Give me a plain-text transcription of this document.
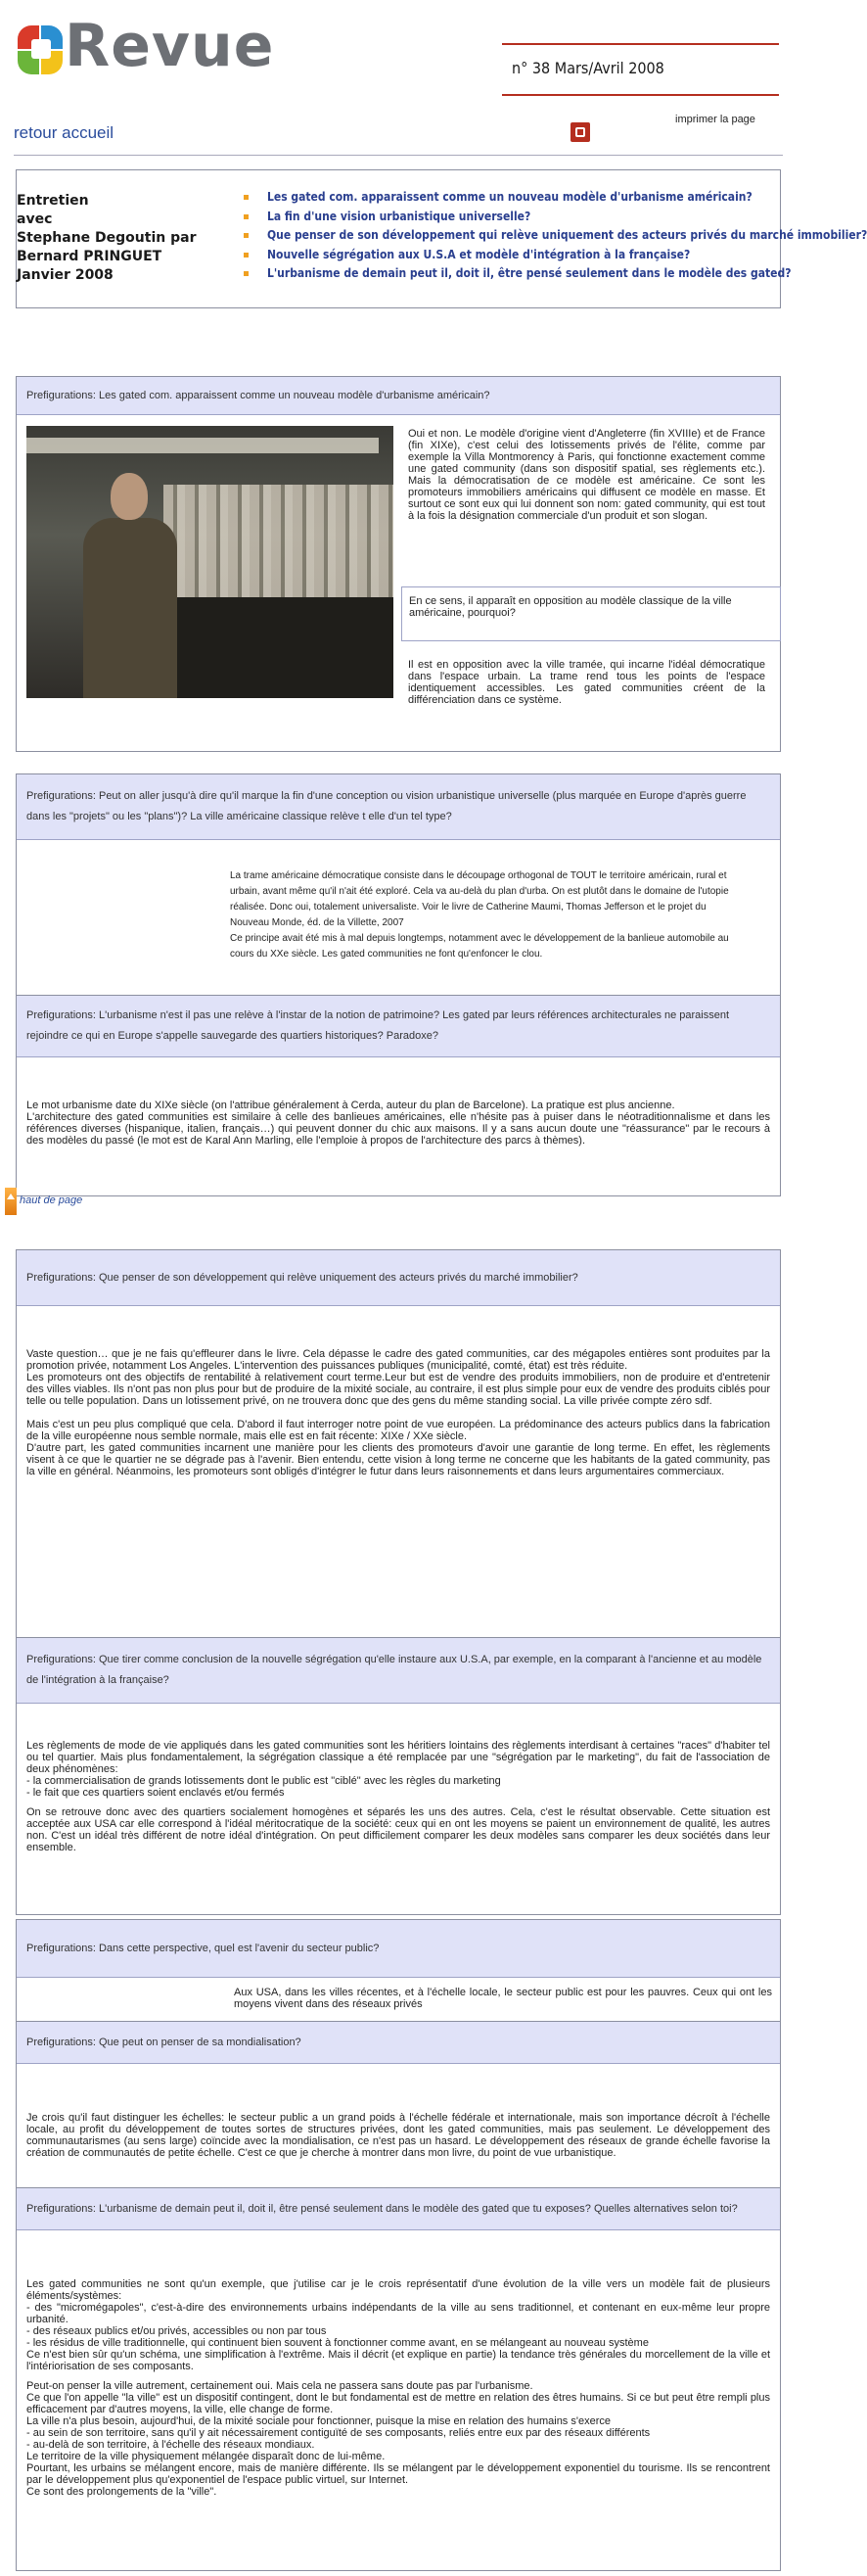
Revue	n° 38 Mars/Avril 2008
retour accueil
imprimer la page
Entretien
avec
Stephane Degoutin par
Bernard PRINGUET
Janvier 2008
Les gated com. apparaissent comme un nouveau modèle d'urbanisme américain?
La fin d'une vision urbanistique universelle?
Que penser de son développement qui relève uniquement des acteurs privés du marché immobilier?
Nouvelle ségrégation aux U.S.A et modèle d'intégration à la française?
L'urbanisme de demain peut il, doit il, être pensé seulement dans le modèle des gated?
Prefigurations: Les gated com. apparaissent comme un nouveau modèle d'urbanisme américain?
Oui et non. Le modèle d'origine vient d'Angleterre (fin XVIIIe) et de France (fin XIXe), c'est celui des lotissements privés de l'élite, comme par exemple la Villa Montmorency à Paris, qui fonctionne exactement comme une gated community (dans son dispositif spatial, ses règlements etc.). Mais la démocratisation de ce modèle est américaine. Ce sont les promoteurs immobiliers américains qui diffusent ce modèle en masse. Et surtout ce sont eux qui lui donnent son nom: gated community, qui est tout à la fois la désignation commerciale d'un produit et son slogan.
En ce sens, il apparaît en opposition au modèle classique de la ville américaine, pourquoi?
Il est en opposition avec la ville tramée, qui incarne l'idéal démocratique dans l'espace urbain. La trame rend tous les points de l'espace identiquement accessibles. Les gated communities créent de la différenciation dans ce système.
Prefigurations: Peut on aller jusqu'à dire qu'il marque la fin d'une conception ou vision urbanistique universelle (plus marquée en Europe d'après guerre dans les "projets" ou les "plans")? La ville américaine classique relève t elle d'un tel type?
La trame américaine démocratique consiste dans le découpage orthogonal de TOUT le territoire américain, rural et
urbain, avant même qu'il n'ait été exploré. Cela va au-delà du plan d'urba. On est plutôt dans le domaine de l'utopie
réalisée. Donc oui, totalement universaliste. Voir le livre de Catherine Maumi, Thomas Jefferson et le projet du
Nouveau Monde, éd. de la Villette, 2007
Ce principe avait été mis à mal depuis longtemps, notamment avec le développement de la banlieue automobile au
cours du XXe siècle. Les gated communities ne font qu'enfoncer le clou.
Prefigurations: L'urbanisme n'est il pas une relève à l'instar de la notion de patrimoine? Les gated par leurs références architecturales ne paraissent rejoindre ce qui en Europe s'appelle sauvegarde des quartiers historiques? Paradoxe?
Le mot urbanisme date du XIXe siècle (on l'attribue généralement à Cerda, auteur du plan de Barcelone). La pratique est plus ancienne.
L'architecture des gated communities est similaire à celle des banlieues américaines, elle n'hésite pas à puiser dans le néotraditionnalisme et dans les références diverses (hispanique, italien, français…) qui peuvent donner du chic aux maisons. Il y a sans aucun doute une "réassurance" par le recours à des modèles du passé (le mot est de Karal Ann Marling, elle l'emploie à propos de l'architecture des parcs à thèmes).
haut de page
Prefigurations: Que penser de son développement qui relève uniquement des acteurs privés du marché immobilier?
Vaste question… que je ne fais qu'effleurer dans le livre. Cela dépasse le cadre des gated communities, car des mégapoles entières sont produites par la promotion privée, notamment Los Angeles. L'intervention des puissances publiques (municipalité, comté, état) est très réduite.
Les promoteurs ont des objectifs de rentabilité à relativement court terme.Leur but est de vendre des produits immobiliers, non de produire et d'entretenir des villes viables. Ils n'ont pas non plus pour but de produire de la mixité sociale, au contraire, il est plus simple pour eux de vendre des produits ciblés pour telle ou telle population. Dans un lotissement privé, on ne trouvera donc que des gens du même standing social. La ville privée compte zéro sdf.
Mais c'est un peu plus compliqué que cela. D'abord il faut interroger notre point de vue européen. La prédominance des acteurs publics dans la fabrication de la ville européenne nous semble normale, mais elle est en fait récente: XIXe / XXe siècle.
D'autre part, les gated communities incarnent une manière pour les clients des promoteurs d'avoir une garantie de long terme. En effet, les règlements visent à ce que le quartier ne se dégrade pas à l'avenir. Bien entendu, cette vision à long terme ne concerne que les habitants de la gated community, pas la ville en général. Néanmoins, les promoteurs sont obligés d'intégrer le futur dans leurs raisonnements et dans leurs argumentaires commerciaux.
Prefigurations: Que tirer comme conclusion de la nouvelle ségrégation qu'elle instaure aux U.S.A, par exemple, en la comparant à l'ancienne et au modèle de l'intégration à la française?
Les règlements de mode de vie appliqués dans les gated communities sont les héritiers lointains des règlements interdisant à certaines "races" d'habiter tel ou tel quartier. Mais plus fondamentalement, la ségrégation classique a été remplacée par une "ségrégation par le marketing", du fait de l'association de deux phénomènes:
- la commercialisation de grands lotissements dont le public est "ciblé" avec les règles du marketing
- le fait que ces quartiers soient enclavés et/ou fermés
On se retrouve donc avec des quartiers socialement homogènes et séparés les uns des autres. Cela, c'est le résultat observable. Cette situation est acceptée aux USA car elle correspond à l'idéal méritocratique de la société: ceux qui en ont les moyens se paient un environnement de qualité, les autres non. C'est un idéal très différent de notre idéal d'intégration. On peut difficilement comparer les deux modèles sans comparer les deux sociétés dans leur ensemble.
Prefigurations: Dans cette perspective, quel est l'avenir du secteur public?
Aux USA, dans les villes récentes, et à l'échelle locale, le secteur public est pour les pauvres. Ceux qui ont les moyens vivent dans des réseaux privés
Prefigurations: Que peut on penser de sa mondialisation?
Je crois qu'il faut distinguer les échelles: le secteur public a un grand poids à l'échelle fédérale et internationale, mais son importance décroît à l'échelle locale, au profit du développement de toutes sortes de structures privées, dont les gated communities, mais pas seulement. Le développement des communautarismes (au sens large) coïncide avec la mondialisation, ce n'est pas un hasard. Le développement des réseaux de grande échelle favorise la création de communautés de petite échelle. C'est ce que je cherche à montrer dans mon livre, du point de vue urbanistique.
Prefigurations: L'urbanisme de demain peut il, doit il, être pensé seulement dans le modèle des gated que tu exposes? Quelles alternatives selon toi?
Les gated communities ne sont qu'un exemple, que j'utilise car je le crois représentatif d'une évolution de la ville vers un modèle fait de plusieurs éléments/systèmes:
- des "micromégapoles", c'est-à-dire des environnements urbains indépendants de la ville au sens traditionnel, et contenant en eux-même leur propre urbanité.
- des réseaux publics et/ou privés, accessibles ou non par tous
- les résidus de ville traditionnelle, qui continuent bien souvent à fonctionner comme avant, en se mélangeant au nouveau système
Ce n'est bien sûr qu'un schéma, une simplification à l'extrême. Mais il décrit (et explique en partie) la tendance très générales du morcellement de la ville et l'intériorisation de ses composants.
Peut-on penser la ville autrement, certainement oui. Mais cela ne passera sans doute pas par l'urbanisme.
Ce que l'on appelle "la ville" est un dispositif contingent, dont le but fondamental est de mettre en relation des êtres humains. Si ce but peut être rempli plus efficacement par d'autres moyens, la ville, elle change de forme.
La ville n'a plus besoin, aujourd'hui, de la mixité sociale pour fonctionner, puisque la mise en relation des humains s'exerce
- au sein de son territoire, sans qu'il y ait nécessairement contiguïté de ses composants, reliés entre eux par des réseaux différents
- au-delà de son territoire, à l'échelle des réseaux mondiaux.
Le territoire de la ville physiquement mélangée disparaît donc de lui-même.
Pourtant, les urbains se mélangent encore, mais de manière différente. Ils se mélangent par le développement exponentiel du tourisme. Ils se rencontrent par le développement plus qu'exponentiel de l'espace public virtuel, sur Internet.
Ce sont des prolongements de la "ville".
